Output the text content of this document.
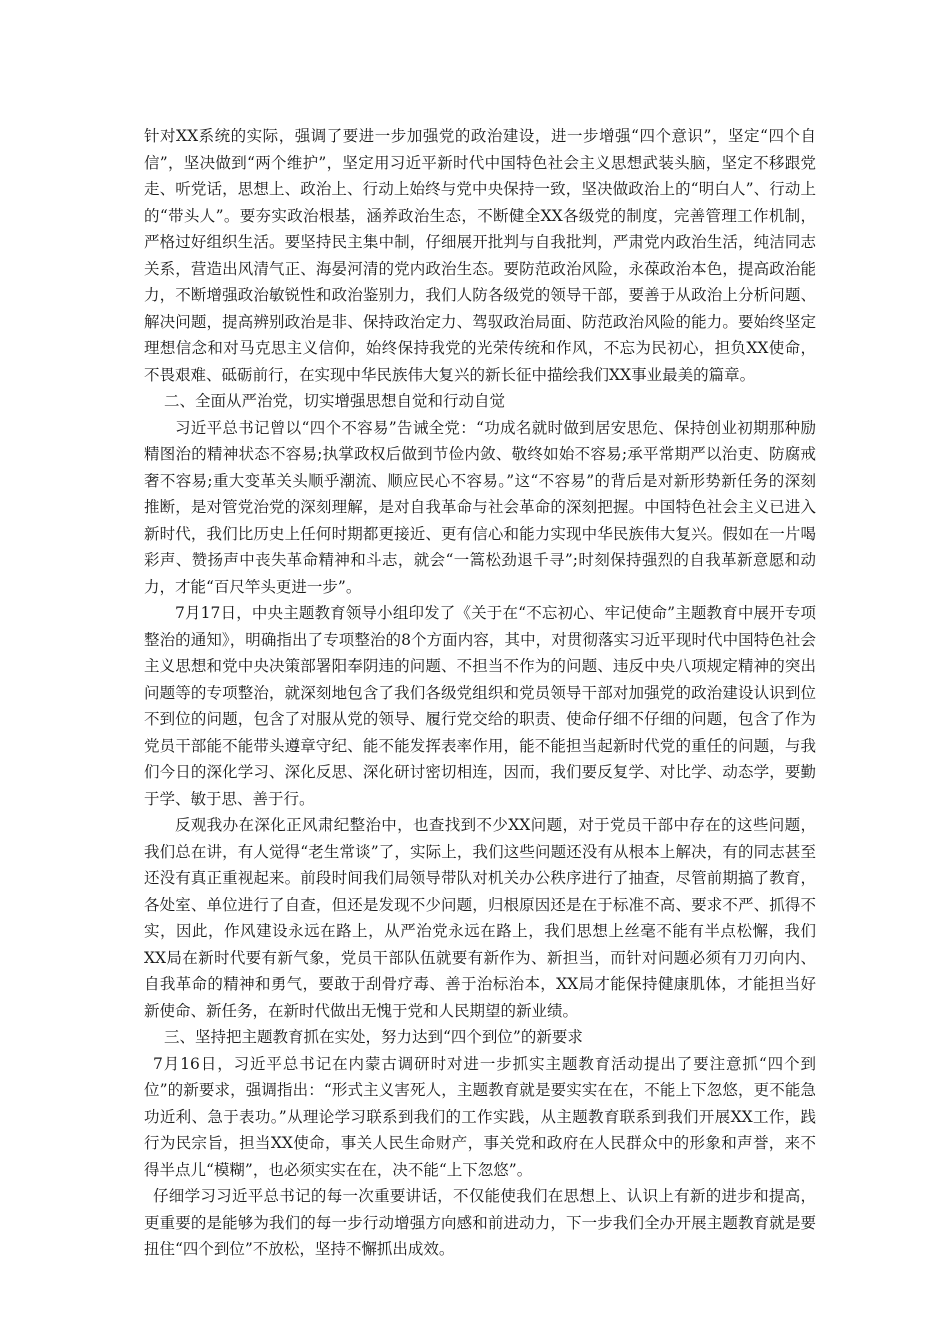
针对XX系统的实际，强调了要进一步加强党的政治建设，进一步增强“四个意识”，坚定“四个自信”，坚决做到“两个维护”，坚定用习近平新时代中国特色社会主义思想武装头脑，坚定不移跟党走、听党话，思想上、政治上、行动上始终与党中央保持一致，坚决做政治上的“明白人”、行动上的“带头人”。要夯实政治根基，涵养政治生态，不断健全XX各级党的制度，完善管理工作机制，严格过好组织生活。要坚持民主集中制，仔细展开批判与自我批判，严肃党内政治生活，纯洁同志关系，营造出风清气正、海晏河清的党内政治生态。要防范政治风险，永葆政治本色，提高政治能力，不断增强政治敏锐性和政治鉴别力，我们人防各级党的领导干部，要善于从政治上分析问题、解决问题，提高辨别政治是非、保持政治定力、驾驭政治局面、防范政治风险的能力。要始终坚定理想信念和对马克思主义信仰，始终保持我党的光荣传统和作风，不忘为民初心，担负XX使命，不畏艰难、砥砺前行，在实现中华民族伟大复兴的新长征中描绘我们XX事业最美的篇章。

二、全面从严治党，切实增强思想自觉和行动自觉

习近平总书记曾以“四个不容易”告诫全党：“功成名就时做到居安思危、保持创业初期那种励精图治的精神状态不容易;执掌政权后做到节俭内敛、敬终如始不容易;承平常期严以治吏、防腐戒奢不容易;重大变革关头顺乎潮流、顺应民心不容易。”这“不容易”的背后是对新形势新任务的深刻推断，是对管党治党的深刻理解，是对自我革命与社会革命的深刻把握。中国特色社会主义已进入新时代，我们比历史上任何时期都更接近、更有信心和能力实现中华民族伟大复兴。假如在一片喝彩声、赞扬声中丧失革命精神和斗志，就会“一篙松劲退千寻”;时刻保持强烈的自我革新意愿和动力，才能“百尺竿头更进一步”。

7月17日，中央主题教育领导小组印发了《关于在“不忘初心、牢记使命”主题教育中展开专项整治的通知》，明确指出了专项整治的8个方面内容，其中，对贯彻落实习近平现时代中国特色社会主义思想和党中央决策部署阳奉阴违的问题、不担当不作为的问题、违反中央八项规定精神的突出问题等的专项整治，就深刻地包含了我们各级党组织和党员领导干部对加强党的政治建设认识到位不到位的问题，包含了对服从党的领导、履行党交给的职责、使命仔细不仔细的问题，包含了作为党员干部能不能带头遵章守纪、能不能发挥表率作用，能不能担当起新时代党的重任的问题，与我们今日的深化学习、深化反思、深化研讨密切相连，因而，我们要反复学、对比学、动态学，要勤于学、敏于思、善于行。

反观我办在深化正风肃纪整治中，也查找到不少XX问题，对于党员干部中存在的这些问题，我们总在讲，有人觉得“老生常谈”了，实际上，我们这些问题还没有从根本上解决，有的同志甚至还没有真正重视起来。前段时间我们局领导带队对机关办公秩序进行了抽查，尽管前期搞了教育，各处室、单位进行了自查，但还是发现不少问题，归根原因还是在于标准不高、要求不严、抓得不实，因此，作风建设永远在路上，从严治党永远在路上，我们思想上丝毫不能有半点松懈，我们XX局在新时代要有新气象，党员干部队伍就要有新作为、新担当，而针对问题必须有刀刃向内、自我革命的精神和勇气，要敢于刮骨疗毒、善于治标治本，XX局才能保持健康肌体，才能担当好新使命、新任务，在新时代做出无愧于党和人民期望的新业绩。

三、坚持把主题教育抓在实处，努力达到“四个到位”的新要求

7月16日，习近平总书记在内蒙古调研时对进一步抓实主题教育活动提出了要注意抓“四个到位”的新要求，强调指出：“形式主义害死人，主题教育就是要实实在在，不能上下忽悠，更不能急功近利、急于表功。”从理论学习联系到我们的工作实践，从主题教育联系到我们开展XX工作，践行为民宗旨，担当XX使命，事关人民生命财产，事关党和政府在人民群众中的形象和声誉，来不得半点儿“模糊”，也必须实实在在，决不能“上下忽悠”。

仔细学习习近平总书记的每一次重要讲话，不仅能使我们在思想上、认识上有新的进步和提高，更重要的是能够为我们的每一步行动增强方向感和前进动力，下一步我们全办开展主题教育就是要扭住“四个到位”不放松，坚持不懈抓出成效。
